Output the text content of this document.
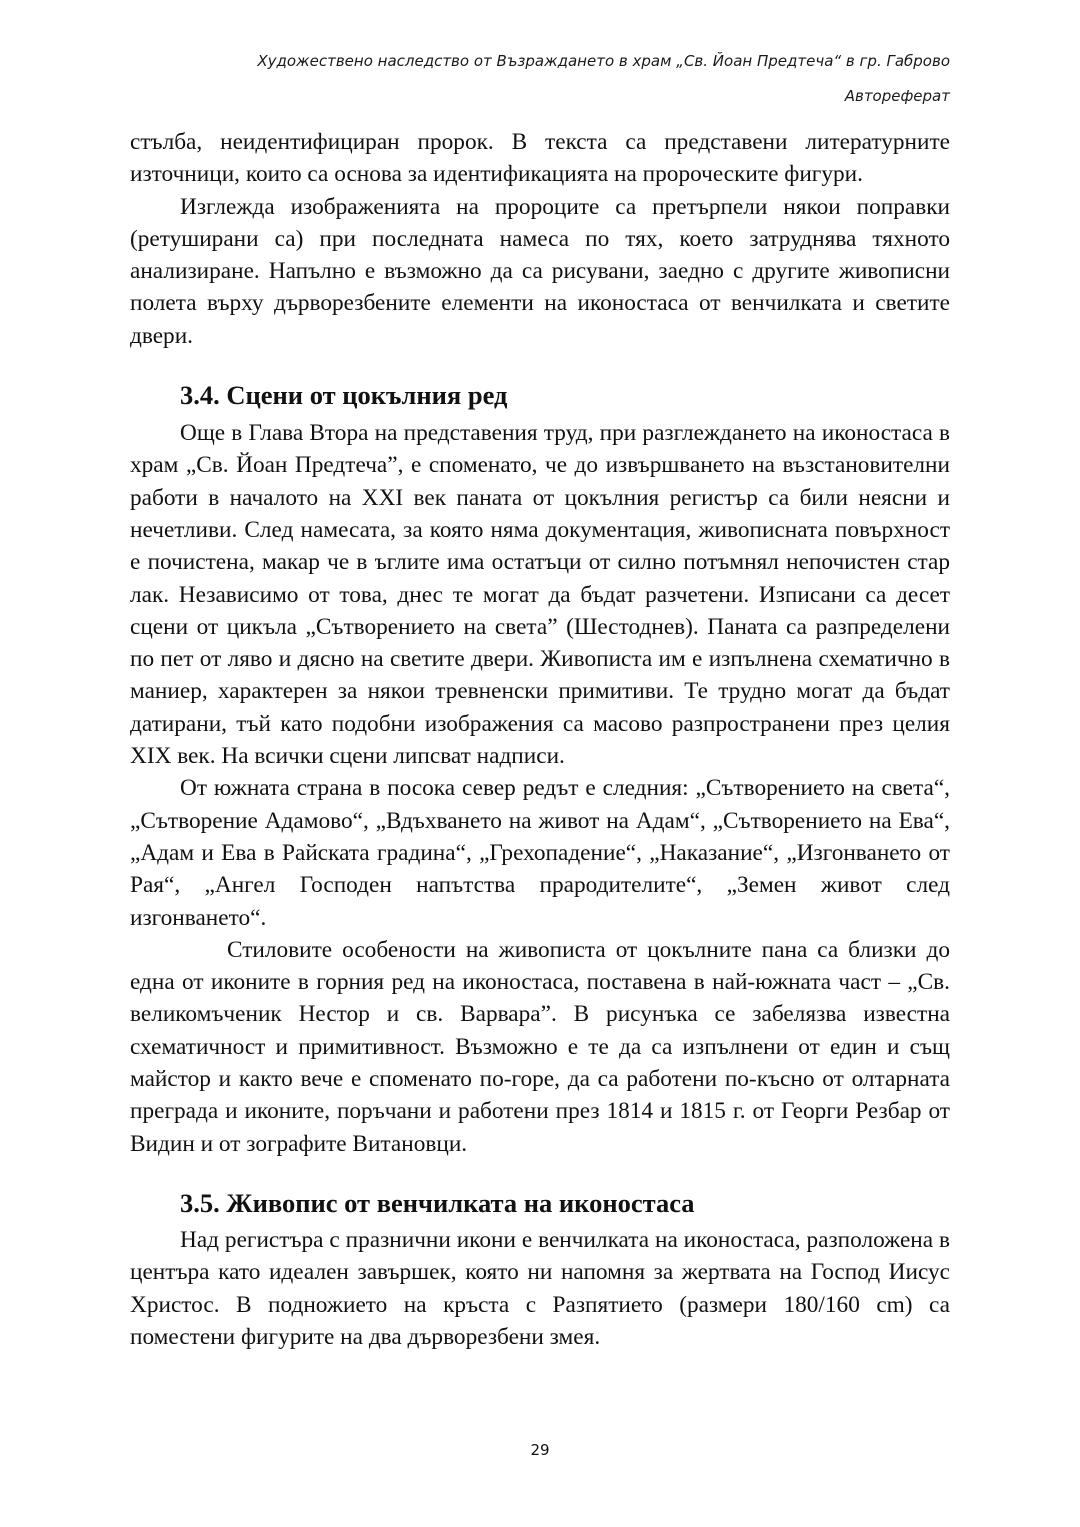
Художествено наследство от Възраждането в храм „Св. Йоан Предтеча“ в гр. Габрово
Автореферат

стълба, неидентифициран пророк. В текста са представени литературните източници, които са основа за идентификацията на пророческите фигури.

Изглежда изображенията на пророците са претърпели някои поправки (ретуширани са) при последната намеса по тях, което затруднява тяхното анализиране. Напълно е възможно да са рисувани, заедно с другите живописни полета върху дърворезбените елементи на иконостаса от венчилката и светите двери.

3.4. Сцени от цокълния ред

Още в Глава Втора на представения труд, при разглеждането на иконостаса в храм „Св. Йоан Предтеча”, е споменато, че до извършването на възстановителни работи в началото на XXI век паната от цокълния регистър са били неясни и нечетливи. След намесата, за която няма документация, живописната повърхност е почистена, макар че в ъглите има остатъци от силно потъмнял непочистен стар лак. Независимо от това, днес те могат да бъдат разчетени. Изписани са десет сцени от цикъла „Сътворението на света” (Шестоднев). Паната са разпределени по пет от ляво и дясно на светите двери. Живописта им е изпълнена схематично в маниер, характерен за някои тревненски примитиви. Те трудно могат да бъдат датирани, тъй като подобни изображения са масово разпространени през целия XIX век. На всички сцени липсват надписи.

От южната страна в посока север редът е следния: „Сътворението на света“, „Сътворение Адамово“, „Вдъхването на живот на Адам“, „Сътворението на Ева“, „Адам и Ева в Райската градина“, „Грехопадение“, „Наказание“, „Изгонването от Рая“, „Ангел Господен напътства прародителите“, „Земен живот след изгонването“.

Стиловите особености на живописта от цокълните пана са близки до една от иконите в горния ред на иконостаса, поставена в най-южната част – „Св. великомъченик Нестор и св. Варвара”. В рисунъка се забелязва известна схематичност и примитивност. Възможно е те да са изпълнени от един и същ майстор и както вече е споменато по-горе, да са работени по-късно от олтарната преграда и иконите, поръчани и работени през 1814 и 1815 г. от Георги Резбар от Видин и от зографите Витановци.

3.5. Живопис от венчилката на иконостаса

Над регистъра с празнични икони е венчилката на иконостаса, разположена в центъра като идеален завършек, която ни напомня за жертвата на Господ Иисус Христос. В подножието на кръста с Разпятието (размери 180/160 cm) са поместени фигурите на два дърворезбени змея.

29
